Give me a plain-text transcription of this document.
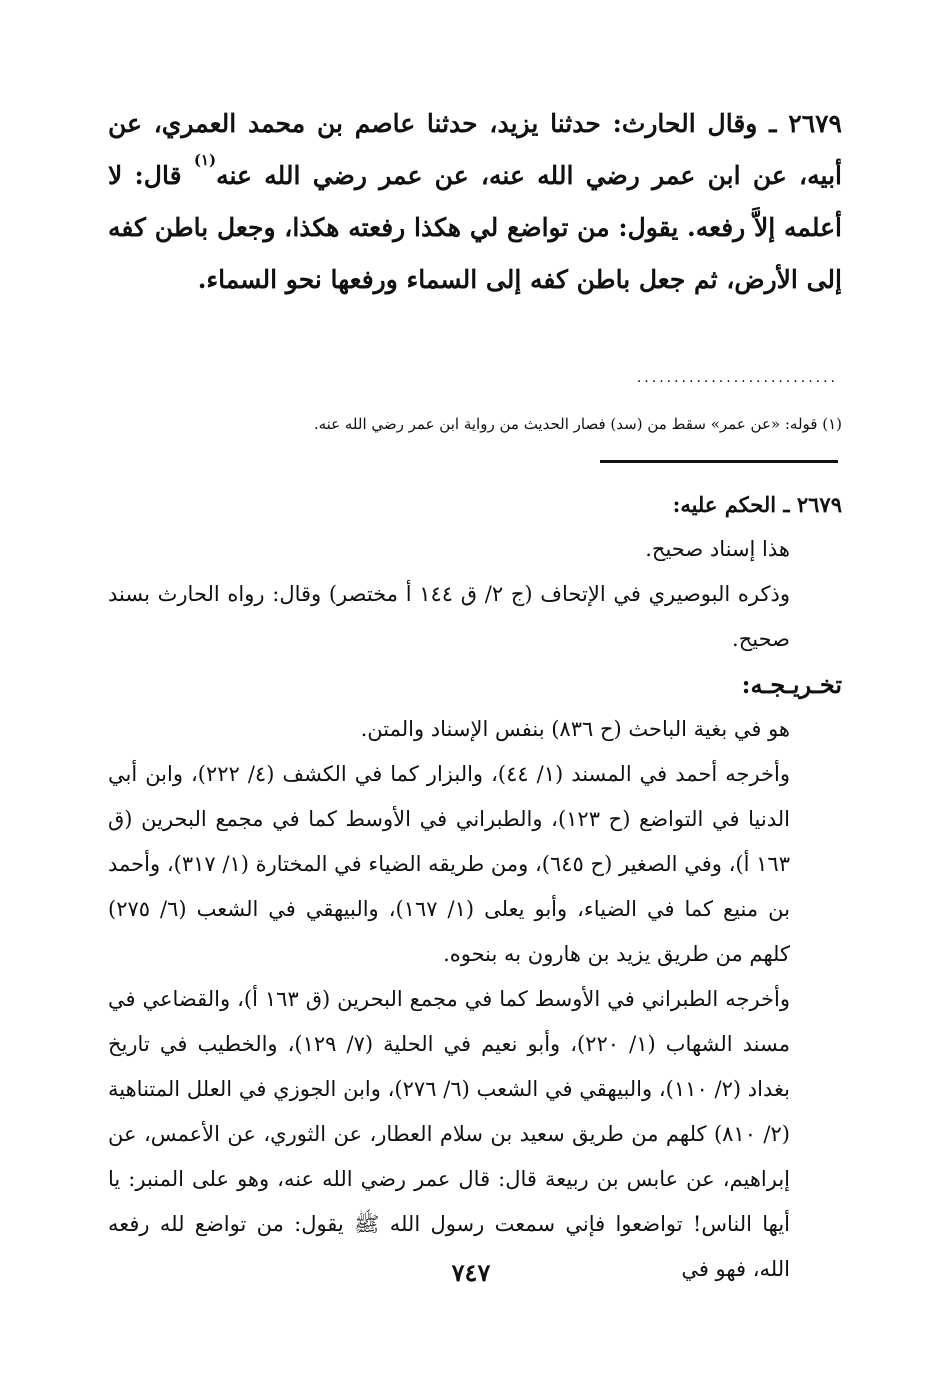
٢٦٧٩ ـ وقال الحارث: حدثنا يزيد، حدثنا عاصم بن محمد العمري، عن أبيه، عن ابن عمر رضي الله عنه، عن عمر رضي الله عنه$^{(١)}$ قال: لا أعلمه إلاَّ رفعه. يقول: من تواضع لي هكذا رفعته هكذا، وجعل باطن كفه إلى الأرض، ثم جعل باطن كفه إلى السماء ورفعها نحو السماء.
...........................
(١) قوله: «عن عمر» سقط من (سد) فصار الحديث من رواية ابن عمر رضي الله عنه.

٢٦٧٩ ـ الحكم عليه:

هذا إسناد صحيح.

وذكره البوصيري في الإتحاف (ج ٢/ ق ١٤٤ أ مختصر) وقال: رواه الحارث بسند صحيح.

تخـريـجـه:

هو في بغية الباحث (ح ٨٣٦) بنفس الإسناد والمتن.

وأخرجه أحمد في المسند (١/ ٤٤)، والبزار كما في الكشف (٤/ ٢٢٢)، وابن أبي الدنيا في التواضع (ح ١٢٣)، والطبراني في الأوسط كما في مجمع البحرين (ق ١٦٣ أ)، وفي الصغير (ح ٦٤٥)، ومن طريقه الضياء في المختارة (١/ ٣١٧)، وأحمد بن منيع كما في الضياء، وأبو يعلى (١/ ١٦٧)، والبيهقي في الشعب (٦/ ٢٧٥) كلهم من طريق يزيد بن هارون به بنحوه.

وأخرجه الطبراني في الأوسط كما في مجمع البحرين (ق ١٦٣ أ)، والقضاعي في مسند الشهاب (١/ ٢٢٠)، وأبو نعيم في الحلية (٧/ ١٢٩)، والخطيب في تاريخ بغداد (٢/ ١١٠)، والبيهقي في الشعب (٦/ ٢٧٦)، وابن الجوزي في العلل المتناهية (٢/ ٨١٠) كلهم من طريق سعيد بن سلام العطار، عن الثوري، عن الأعمس، عن إبراهيم، عن عابس بن ربيعة قال: قال عمر رضي الله عنه، وهو على المنبر: يا أيها الناس! تواضعوا فإني سمعت رسول الله ﷺ يقول: من تواضع لله رفعه الله، فهو في

٧٤٧
